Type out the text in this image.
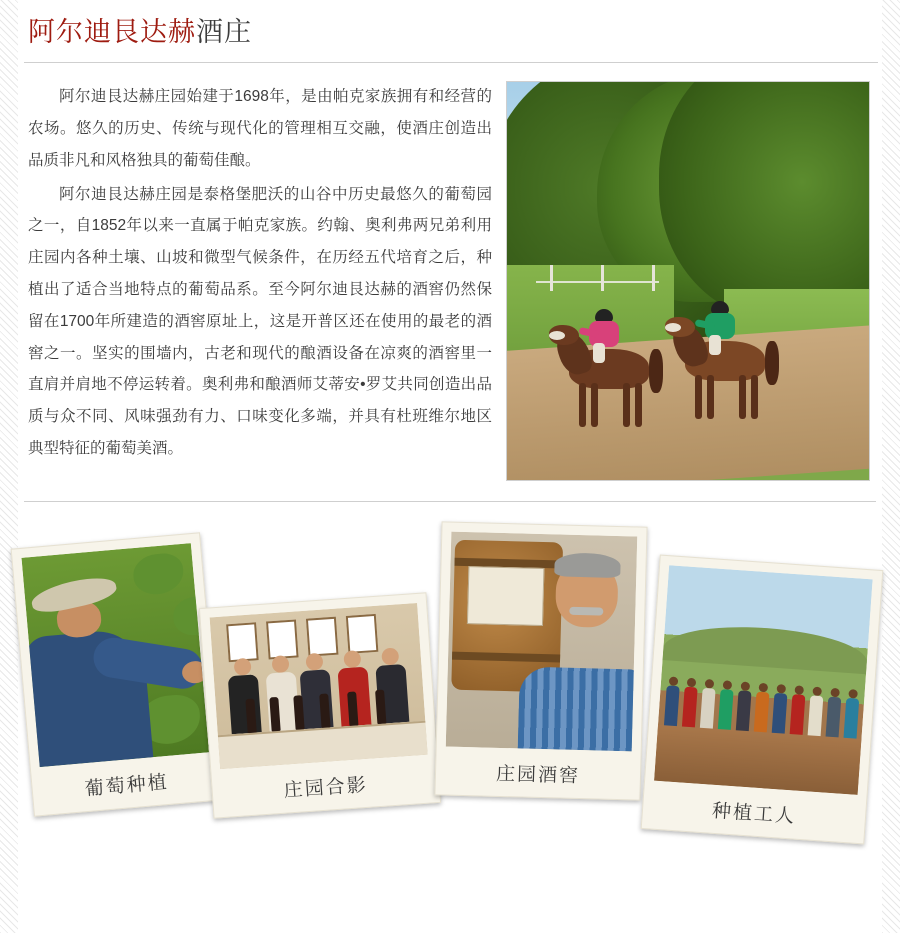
阿尔迪艮达赫酒庄

阿尔迪艮达赫庄园始建于1698年，是由帕克家族拥有和经营的农场。悠久的历史、传统与现代化的管理相互交融，使酒庄创造出品质非凡和风格独具的葡萄佳酿。

阿尔迪艮达赫庄园是泰格堡肥沃的山谷中历史最悠久的葡萄园之一，自1852年以来一直属于帕克家族。约翰、奥利弗两兄弟利用庄园内各种土壤、山坡和微型气候条件，在历经五代培育之后，种植出了适合当地特点的葡萄品系。至今阿尔迪艮达赫的酒窖仍然保留在1700年所建造的酒窖原址上，这是开普区还在使用的最老的酒窖之一。坚实的围墙内，古老和现代的酿酒设备在凉爽的酒窖里一直肩并肩地不停运转着。奥利弗和酿酒师艾蒂安•罗艾共同创造出品质与众不同、风味强劲有力、口味变化多端，并具有杜班维尔地区典型特征的葡萄美酒。

葡萄种植	庄园合影	庄园酒窖
种植工人
